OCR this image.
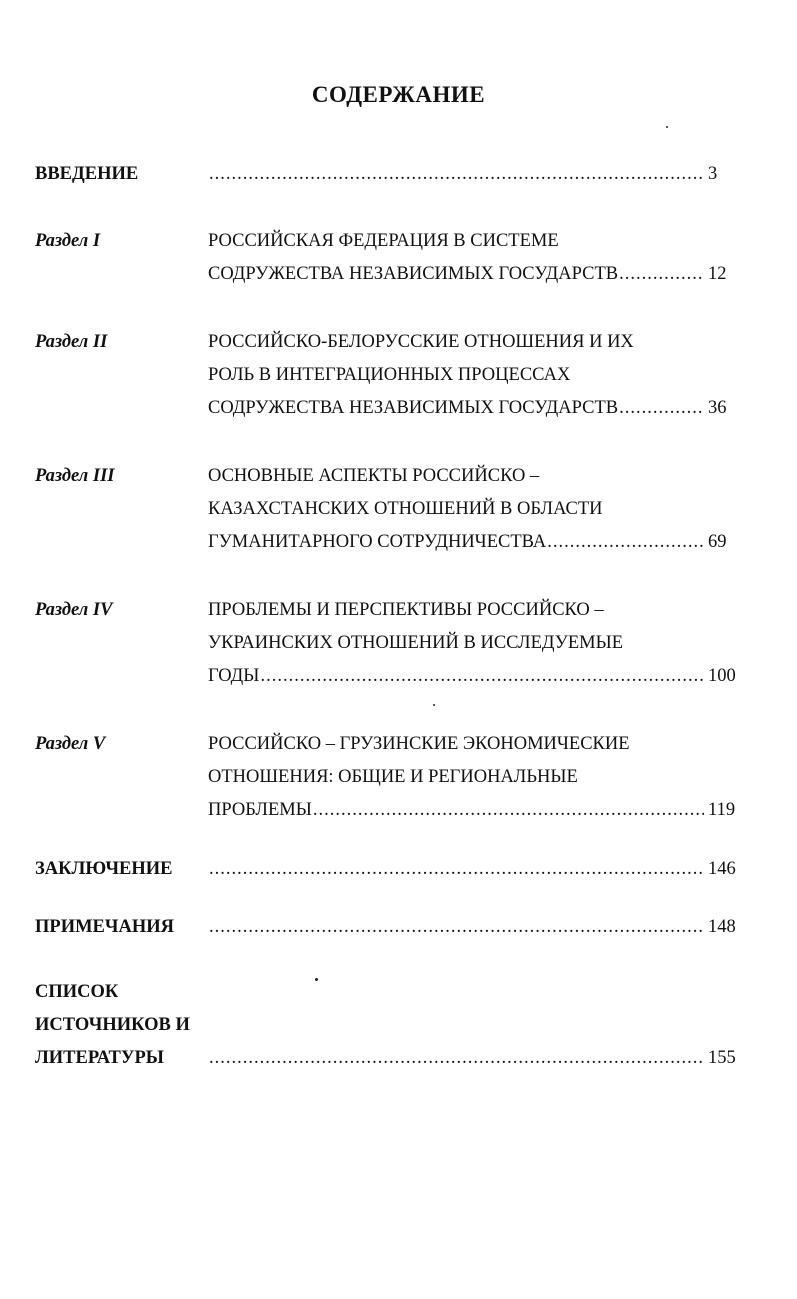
СОДЕРЖАНИЕ
ВВЕДЕНИЕ .....	3
Раздел I	РОССИЙСКАЯ ФЕДЕРАЦИЯ В СИСТЕМЕ
СОДРУЖЕСТВА НЕЗАВИСИМЫХ ГОСУДАРСТВ .....	12
Раздел II	РОССИЙСКО-БЕЛОРУССКИЕ ОТНОШЕНИЯ И ИХ
РОЛЬ В ИНТЕГРАЦИОННЫХ ПРОЦЕССАХ
СОДРУЖЕСТВА НЕЗАВИСИМЫХ ГОСУДАРСТВ .....	36
Раздел III	ОСНОВНЫЕ АСПЕКТЫ РОССИЙСКО –
КАЗАХСТАНСКИХ ОТНОШЕНИЙ В ОБЛАСТИ
ГУМАНИТАРНОГО СОТРУДНИЧЕСТВА .....	69
Раздел IV	ПРОБЛЕМЫ И ПЕРСПЕКТИВЫ РОССИЙСКО –
УКРАИНСКИХ ОТНОШЕНИЙ В ИССЛЕДУЕМЫЕ
ГОДЫ .....	100
Раздел V	РОССИЙСКО – ГРУЗИНСКИЕ ЭКОНОМИЧЕСКИЕ
ОТНОШЕНИЯ: ОБЩИЕ И РЕГИОНАЛЬНЫЕ
ПРОБЛЕМЫ .....	119
ЗАКЛЮЧЕНИЕ .....	146
ПРИМЕЧАНИЯ .....	148
СПИСОК
ИСТОЧНИКОВ И
ЛИТЕРАТУРЫ .....	155
